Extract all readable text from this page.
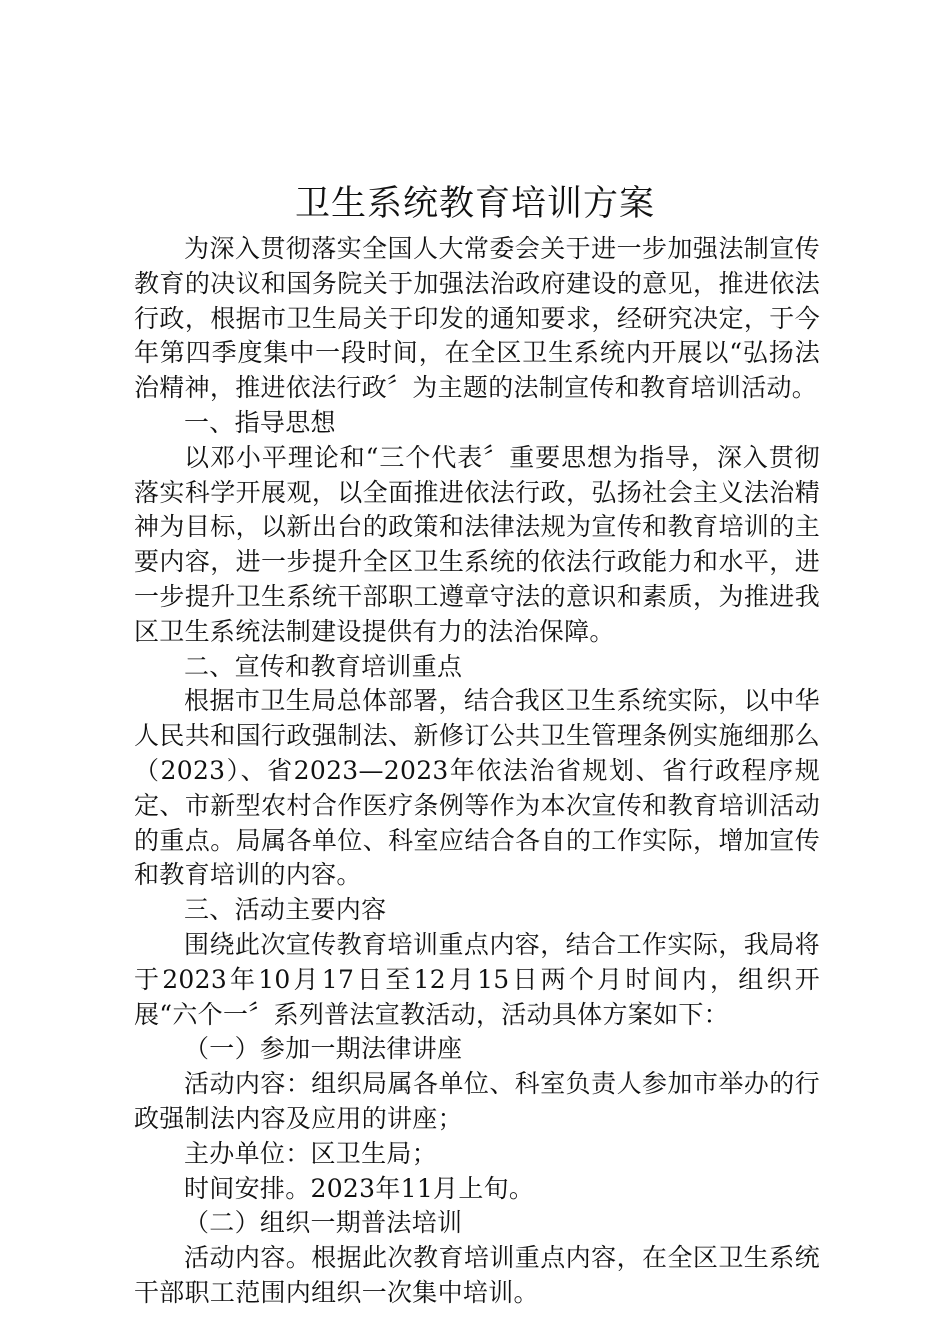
卫生系统教育培训方案

为深入贯彻落实全国人大常委会关于进一步加强法制宣传教育的决议和国务院关于加强法治政府建设的意见，推进依法行政，根据市卫生局关于印发的通知要求，经研究决定，于今年第四季度集中一段时间，在全区卫生系统内开展以“弘扬法治精神，推进依法行政〞为主题的法制宣传和教育培训活动。

一、指导思想

以邓小平理论和“三个代表〞重要思想为指导，深入贯彻落实科学开展观，以全面推进依法行政，弘扬社会主义法治精神为目标，以新出台的政策和法律法规为宣传和教育培训的主要内容，进一步提升全区卫生系统的依法行政能力和水平，进一步提升卫生系统干部职工遵章守法的意识和素质，为推进我区卫生系统法制建设提供有力的法治保障。

二、宣传和教育培训重点

根据市卫生局总体部署，结合我区卫生系统实际，以中华人民共和国行政强制法、新修订公共卫生管理条例实施细那么（2023）、省2023—2023年依法治省规划、省行政程序规定、市新型农村合作医疗条例等作为本次宣传和教育培训活动的重点。局属各单位、科室应结合各自的工作实际，增加宣传和教育培训的内容。

三、活动主要内容

围绕此次宣传教育培训重点内容，结合工作实际，我局将于2023年10月17日至12月15日两个月时间内，组织开展“六个一〞系列普法宣教活动，活动具体方案如下：

（一）参加一期法律讲座

活动内容：组织局属各单位、科室负责人参加市举办的行政强制法内容及应用的讲座；

主办单位：区卫生局；

时间安排。2023年11月上旬。

（二）组织一期普法培训

活动内容。根据此次教育培训重点内容，在全区卫生系统干部职工范围内组织一次集中培训。
